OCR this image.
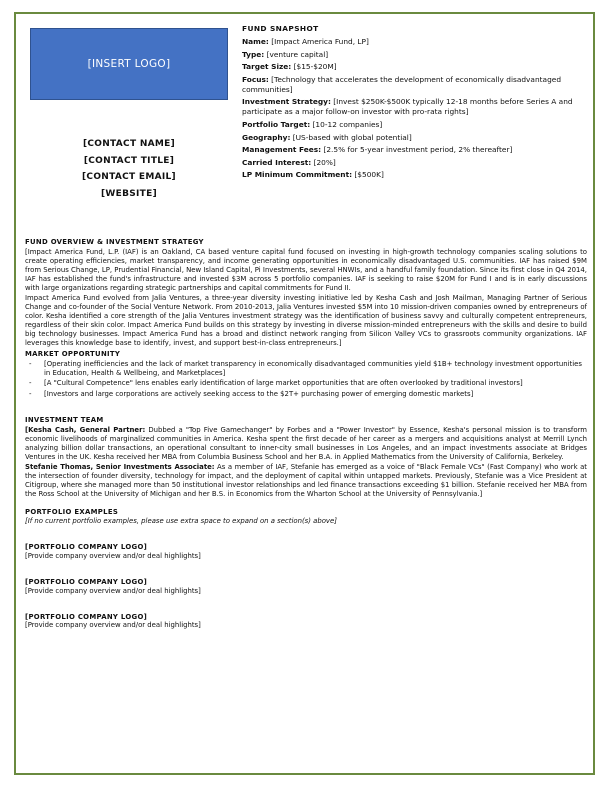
[INSERT LOGO]
[CONTACT NAME]
[CONTACT TITLE]
[CONTACT EMAIL]
[WEBSITE]
FUND SNAPSHOT
Name: [Impact America Fund, LP]
Type: [venture capital]
Target Size: [$15-$20M]
Focus: [Technology that accelerates the development of economically disadvantaged communities]
Investment Strategy: [Invest $250K-$500K typically 12-18 months before Series A and participate as a major follow-on investor with pro-rata rights]
Portfolio Target: [10-12 companies]
Geography: [US-based with global potential]
Management Fees: [2.5% for 5-year investment period, 2% thereafter]
Carried Interest: [20%]
LP Minimum Commitment: [$500K]
FUND OVERVIEW & INVESTMENT STRATEGY
[Impact America Fund, L.P. (IAF) is an Oakland, CA based venture capital fund focused on investing in high-growth technology companies scaling solutions to create operating efficiencies, market transparency, and income generating opportunities in economically disadvantaged U.S. communities. IAF has raised $9M from Serious Change, LP, Prudential Financial, New Island Capital, Pi Investments, several HNWIs, and a handful family foundation. Since its first close in Q4 2014, IAF has established the fund's infrastructure and invested $3M across 5 portfolio companies. IAF is seeking to raise $20M for Fund I and is in early discussions with large organizations regarding strategic partnerships and capital commitments for Fund II.
Impact America Fund evolved from Jalia Ventures, a three-year diversity investing initiative led by Kesha Cash and Josh Mailman, Managing Partner of Serious Change and co-founder of the Social Venture Network. From 2010-2013, Jalia Ventures invested $5M into 10 mission-driven companies owned by entrepreneurs of color. Kesha identified a core strength of the Jalia Ventures investment strategy was the identification of business savvy and culturally competent entrepreneurs, regardless of their skin color. Impact America Fund builds on this strategy by investing in diverse mission-minded entrepreneurs with the skills and desire to build big technology businesses. Impact America Fund has a broad and distinct network ranging from Silicon Valley VCs to grassroots community organizations. IAF leverages this knowledge base to identify, invest, and support best-in-class entrepreneurs.]
MARKET OPPORTUNITY
- [Operating inefficiencies and the lack of market transparency in economically disadvantaged communities yield $1B+ technology investment opportunities in Education, Health & Wellbeing, and Marketplaces]
- [A "Cultural Competence" lens enables early identification of large market opportunities that are often overlooked by traditional investors]
- [Investors and large corporations are actively seeking access to the $2T+ purchasing power of emerging domestic markets]
INVESTMENT TEAM
[Kesha Cash, General Partner: Dubbed a "Top Five Gamechanger" by Forbes and a "Power Investor" by Essence, Kesha's personal mission is to transform economic livelihoods of marginalized communities in America. Kesha spent the first decade of her career as a mergers and acquisitions analyst at Merrill Lynch analyzing billion dollar transactions, an operational consultant to inner-city small businesses in Los Angeles, and an impact investments associate at Bridges Ventures in the UK. Kesha received her MBA from Columbia Business School and her B.A. in Applied Mathematics from the University of California, Berkeley.
Stefanie Thomas, Senior Investments Associate: As a member of IAF, Stefanie has emerged as a voice of "Black Female VCs" (Fast Company) who work at the intersection of founder diversity, technology for impact, and the deployment of capital within untapped markets. Previously, Stefanie was a Vice President at Citigroup, where she managed more than 50 institutional investor relationships and led finance transactions exceeding $1 billion. Stefanie received her MBA from the Ross School at the University of Michigan and her B.S. in Economics from the Wharton School at the University of Pennsylvania.]
PORTFOLIO EXAMPLES
[If no current portfolio examples, please use extra space to expand on a section(s) above]
[PORTFOLIO COMPANY LOGO]
[Provide company overview and/or deal highlights]
[PORTFOLIO COMPANY LOGO]
[Provide company overview and/or deal highlights]
[PORTFOLIO COMPANY LOGO]
[Provide company overview and/or deal highlights]
